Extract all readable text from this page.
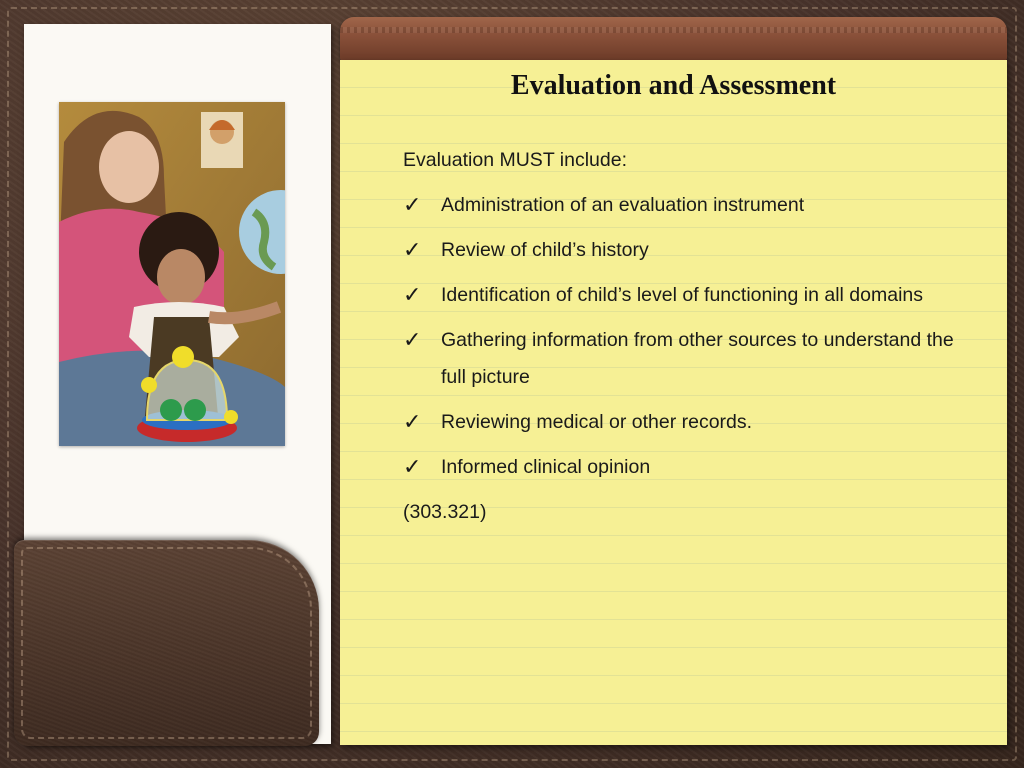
Evaluation and Assessment

Evaluation MUST include:

✓ Administration of an evaluation instrument

✓ Review of child’s history

✓ Identification of child’s level of functioning in all domains

✓ Gathering information from other sources to understand the full picture

✓ Reviewing medical or other records.

✓ Informed clinical opinion

(303.321)
